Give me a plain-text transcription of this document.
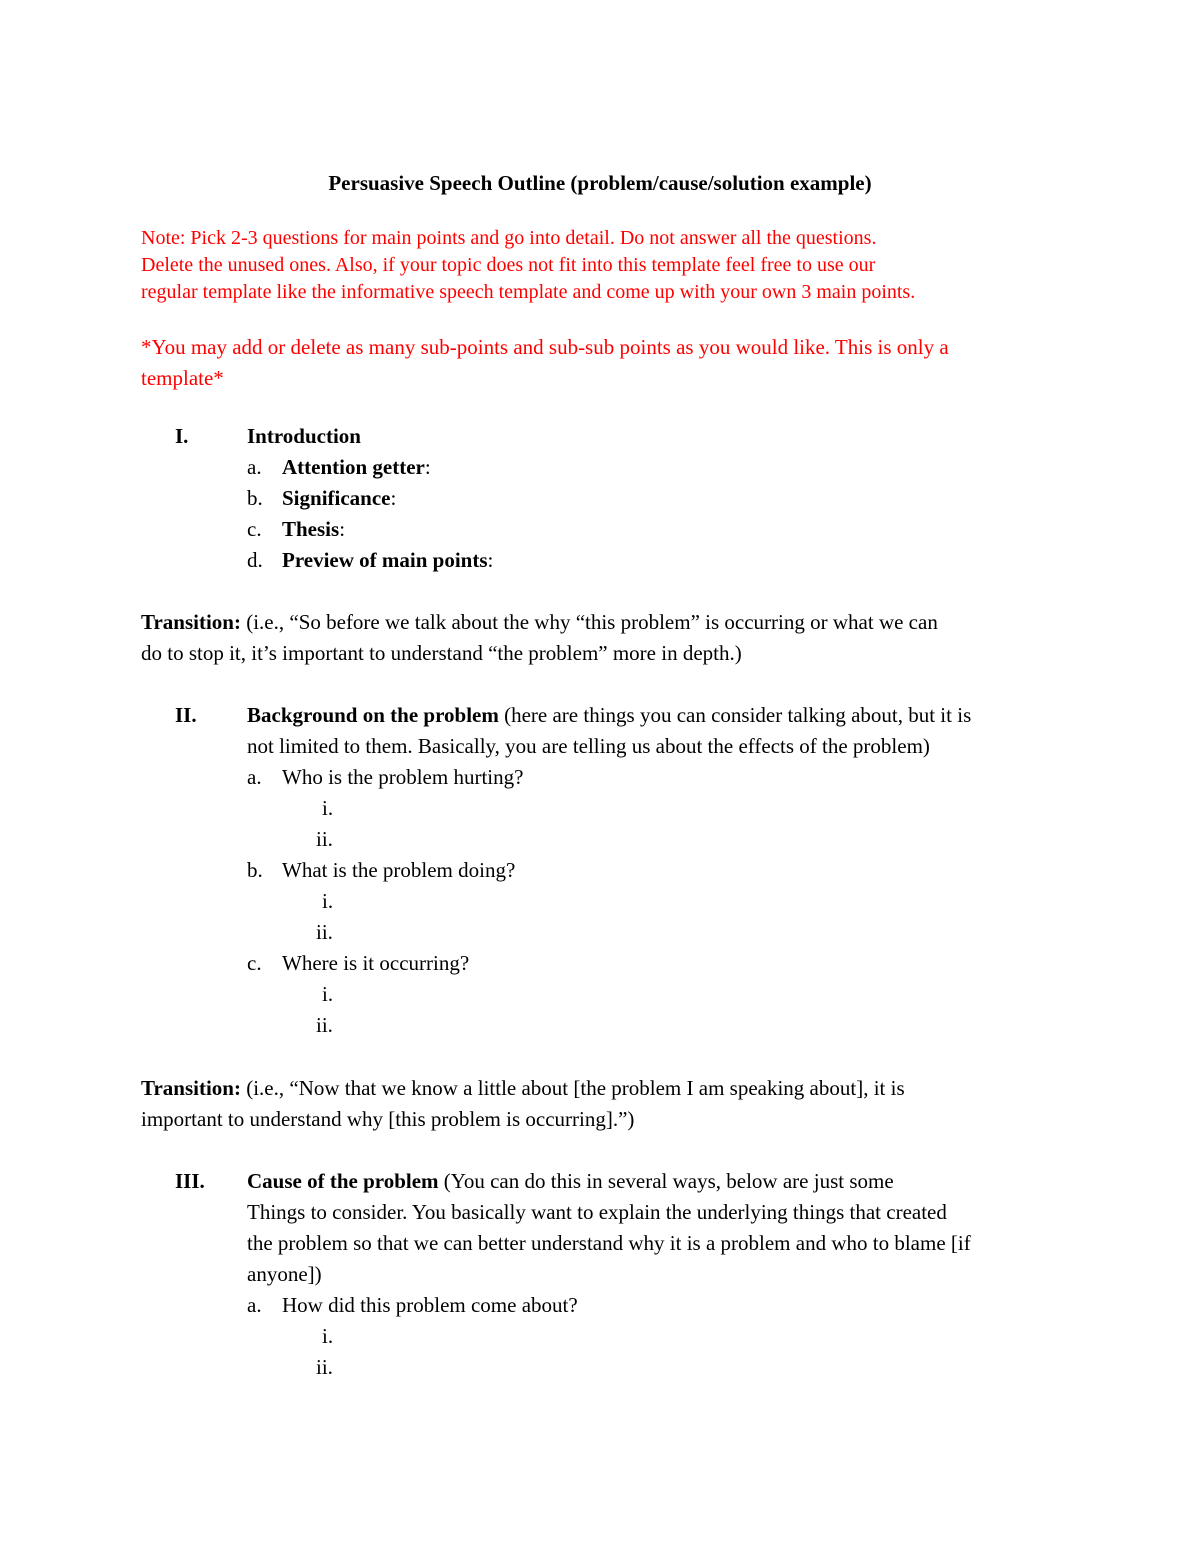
Persuasive Speech Outline (problem/cause/solution example)
Note: Pick 2-3 questions for main points and go into detail. Do not answer all the questions.
Delete the unused ones. Also, if your topic does not fit into this template feel free to use our
regular template like the informative speech template and come up with your own 3 main points.
*You may add or delete as many sub-points and sub-sub points as you would like. This is only a
template*
I.	Introduction
a. Attention getter:
b. Significance:
c. Thesis:
d. Preview of main points:
Transition: (i.e., “So before we talk about the why “this problem” is occurring or what we can
do to stop it, it’s important to understand “the problem” more in depth.)
II. Background on the problem (here are things you can consider talking about, but it is
not limited to them. Basically, you are telling us about the effects of the problem)
a. Who is the problem hurting?
i.
ii.
b. What is the problem doing?
i.
ii.
c. Where is it occurring?
i.
ii.
Transition: (i.e., “Now that we know a little about [the problem I am speaking about], it is
important to understand why [this problem is occurring].”)
III. Cause of the problem (You can do this in several ways, below are just some
Things to consider. You basically want to explain the underlying things that created
the problem so that we can better understand why it is a problem and who to blame [if
anyone])
a. How did this problem come about?
i.
ii.
